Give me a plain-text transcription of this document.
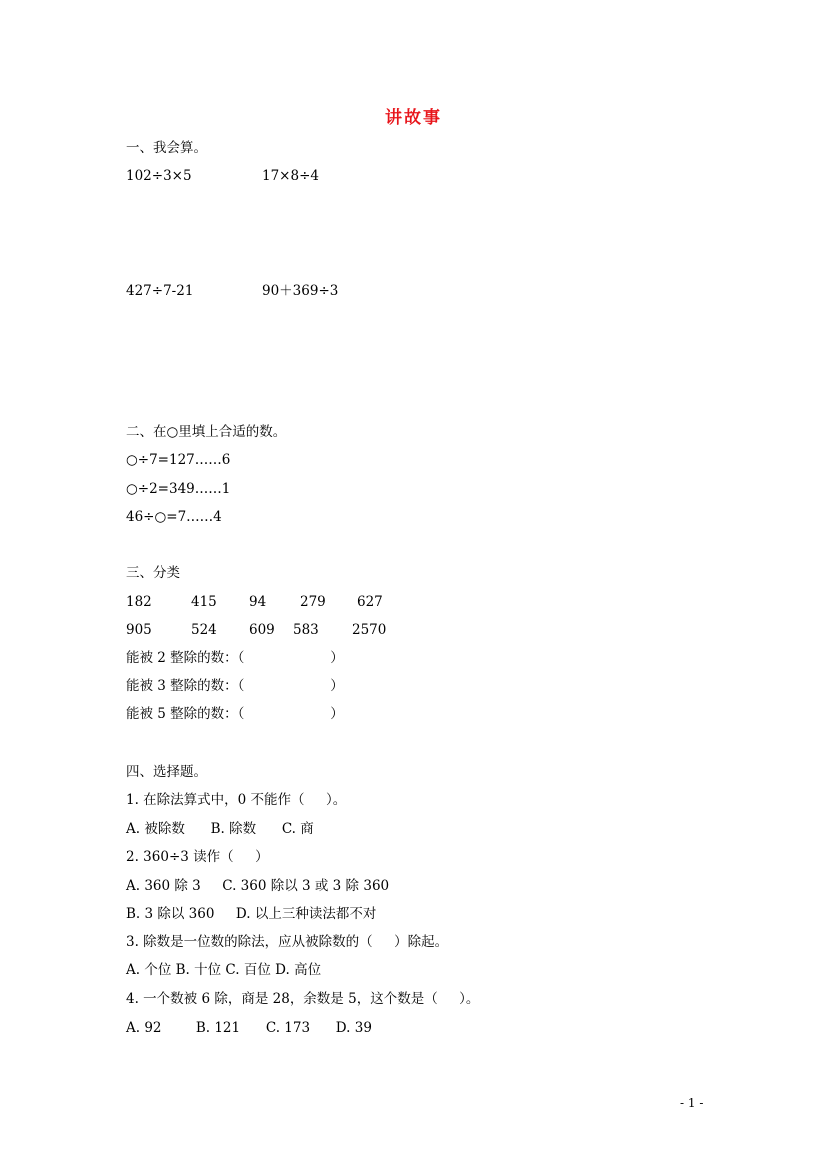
讲故事
一、我会算。
102÷3×5	17×8÷4
427÷7-21	90＋369÷3
二、在○里填上合适的数。
○÷7=127……6
○÷2=349……1
46÷○=7……4
三、分类
182	415 94	279 627
905	524 609 583 2570
能被 2 整除的数：（                    ）
能被 3 整除的数：（                    ）
能被 5 整除的数：（                    ）
四、选择题。
1. 在除法算式中，0 不能作（     ）。
A. 被除数      B. 除数      C. 商
2. 360÷3 读作（     ）
A. 360 除 3     C. 360 除以 3 或 3 除 360
B. 3 除以 360     D. 以上三种读法都不对
3. 除数是一位数的除法，应从被除数的（     ）除起。
A. 个位 B. 十位 C. 百位 D. 高位
4. 一个数被 6 除，商是 28，余数是 5，这个数是（     ）。
A. 92        B. 121      C. 173      D. 39
- 1 -
